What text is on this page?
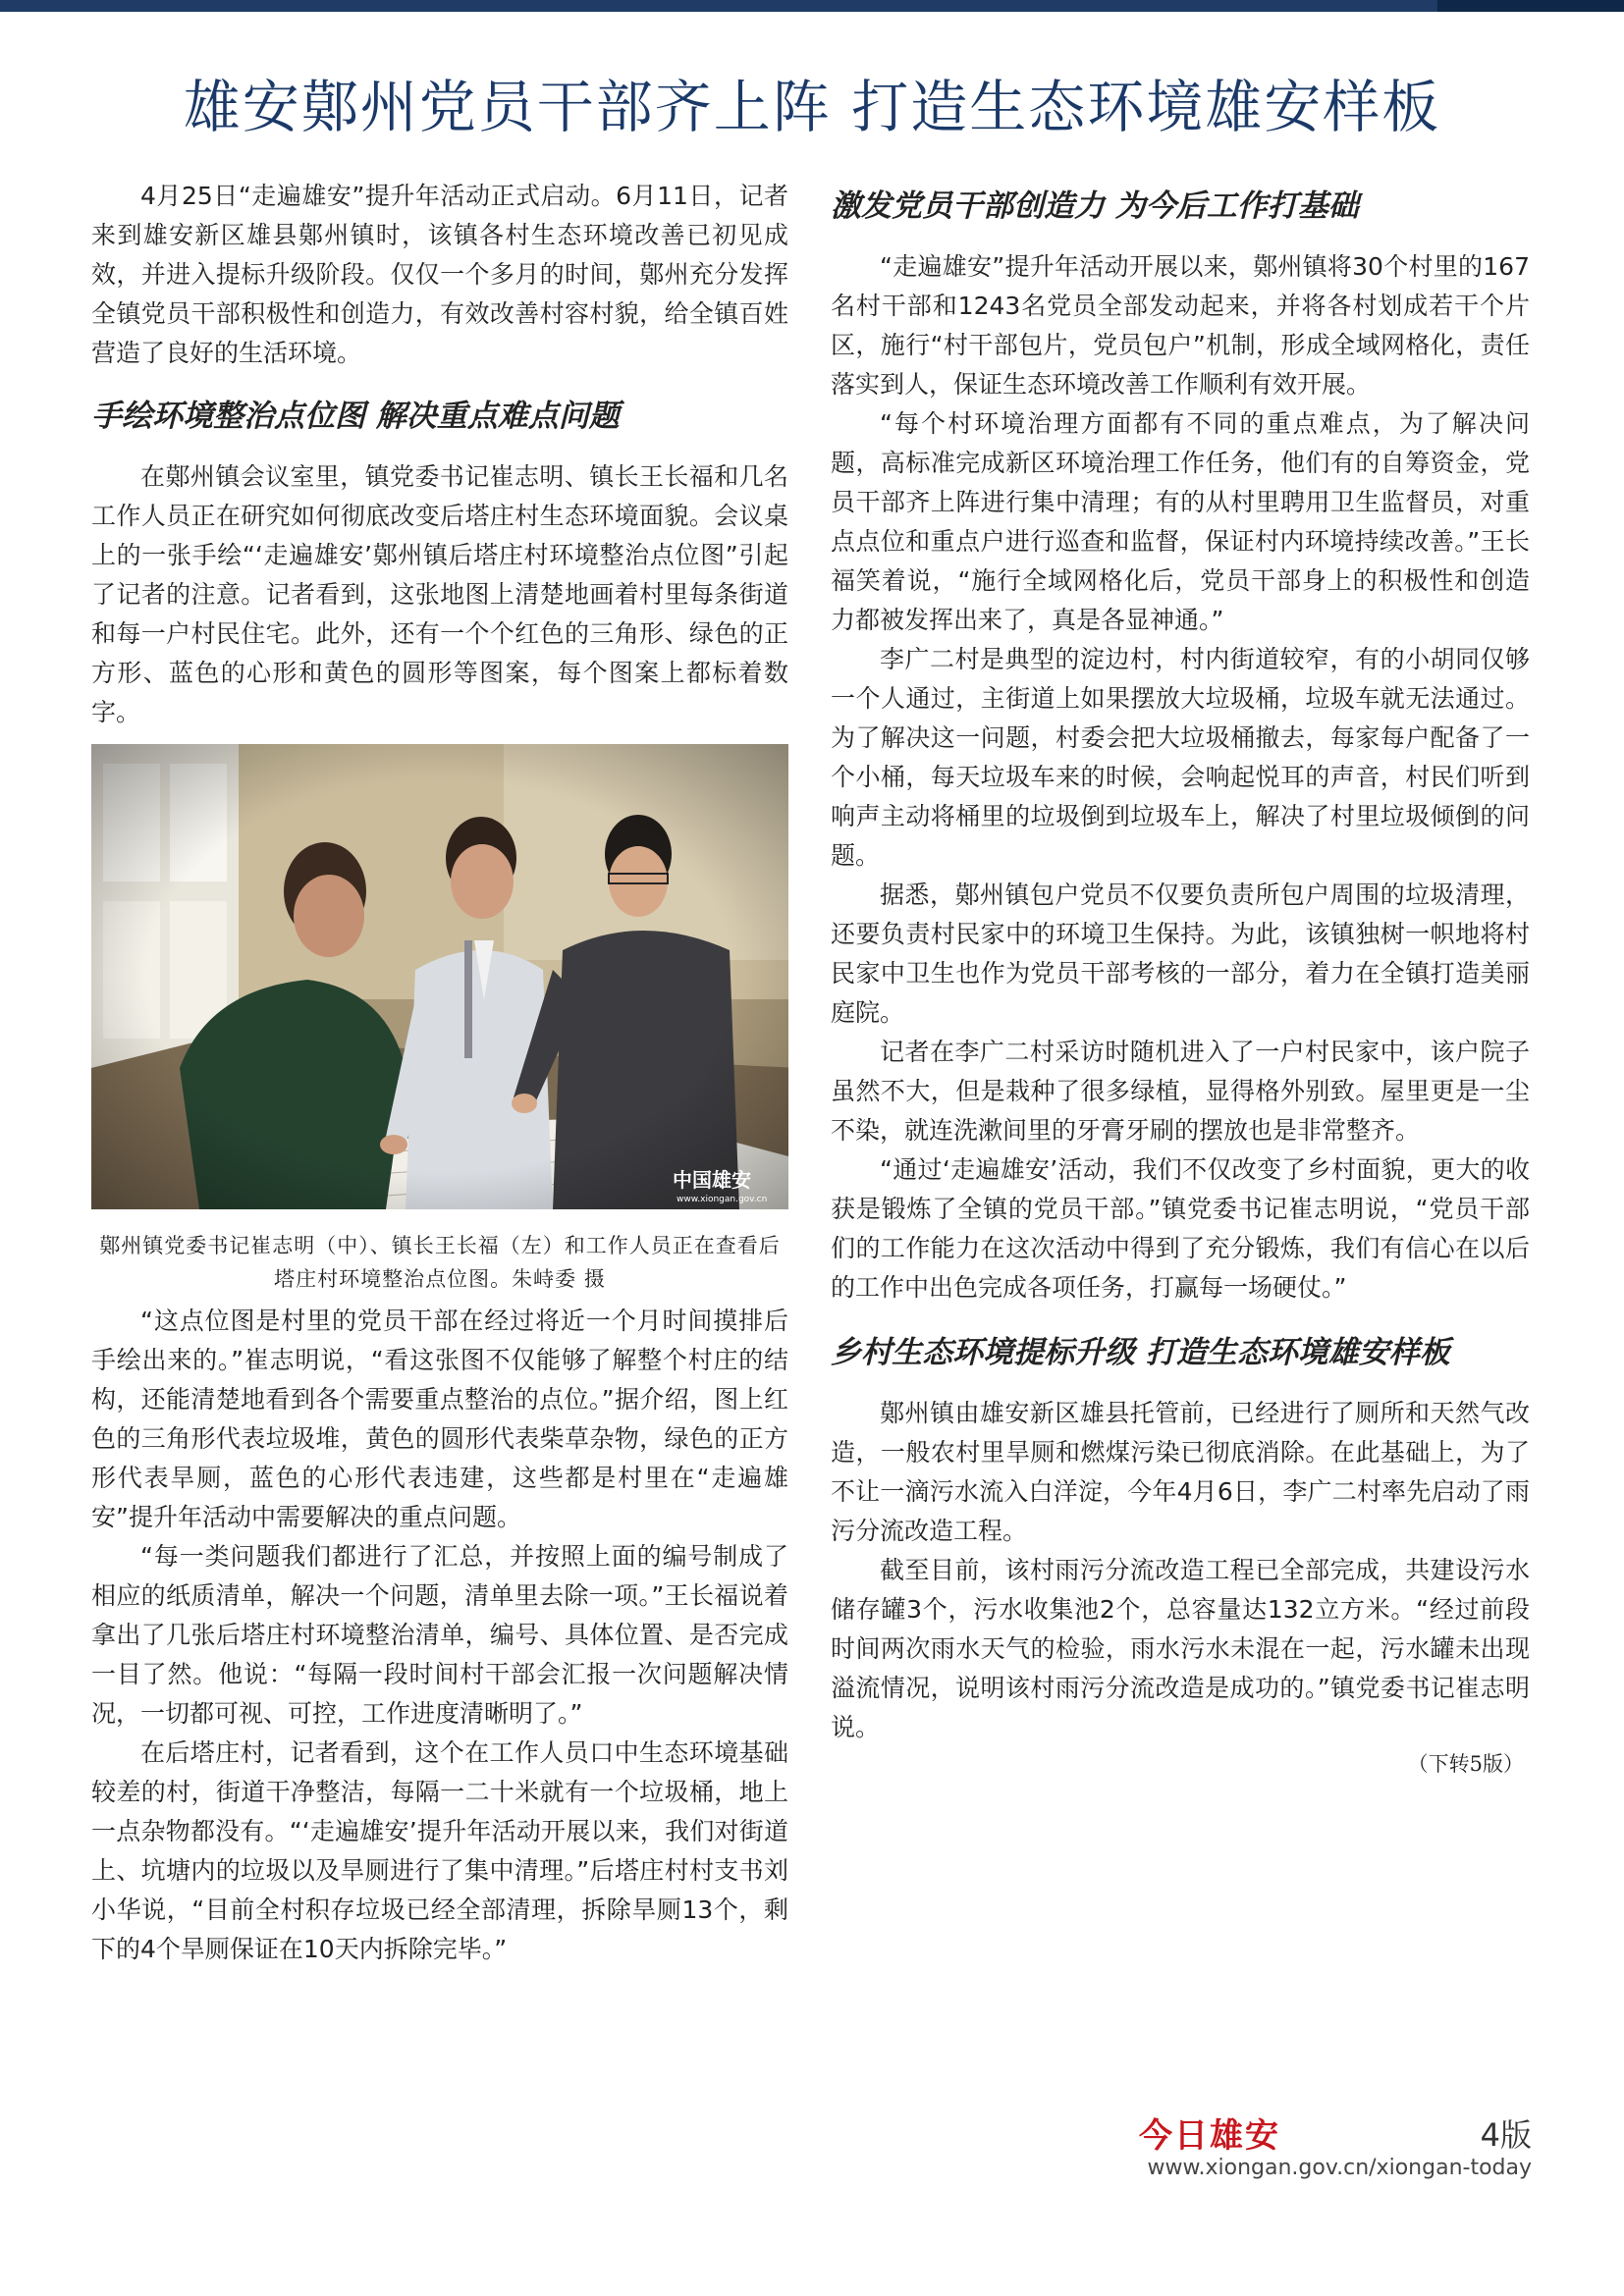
雄安鄚州党员干部齐上阵 打造生态环境雄安样板

4月25日“走遍雄安”提升年活动正式启动。6月11日，记者来到雄安新区雄县鄚州镇时，该镇各村生态环境改善已初见成效，并进入提标升级阶段。仅仅一个多月的时间，鄚州充分发挥全镇党员干部积极性和创造力，有效改善村容村貌，给全镇百姓营造了良好的生活环境。

手绘环境整治点位图 解决重点难点问题

在鄚州镇会议室里，镇党委书记崔志明、镇长王长福和几名工作人员正在研究如何彻底改变后塔庄村生态环境面貌。会议桌上的一张手绘“‘走遍雄安’鄚州镇后塔庄村环境整治点位图”引起了记者的注意。记者看到，这张地图上清楚地画着村里每条街道和每一户村民住宅。此外，还有一个个红色的三角形、绿色的正方形、蓝色的心形和黄色的圆形等图案，每个图案上都标着数字。

中国雄安
www.xiongan.gov.cn

鄚州镇党委书记崔志明（中）、镇长王长福（左）和工作人员正在查看后塔庄村环境整治点位图。朱峙委 摄

“这点位图是村里的党员干部在经过将近一个月时间摸排后手绘出来的。”崔志明说，“看这张图不仅能够了解整个村庄的结构，还能清楚地看到各个需要重点整治的点位。”据介绍，图上红色的三角形代表垃圾堆，黄色的圆形代表柴草杂物，绿色的正方形代表旱厕，蓝色的心形代表违建，这些都是村里在“走遍雄安”提升年活动中需要解决的重点问题。

“每一类问题我们都进行了汇总，并按照上面的编号制成了相应的纸质清单，解决一个问题，清单里去除一项。”王长福说着拿出了几张后塔庄村环境整治清单，编号、具体位置、是否完成一目了然。他说：“每隔一段时间村干部会汇报一次问题解决情况，一切都可视、可控，工作进度清晰明了。”

在后塔庄村，记者看到，这个在工作人员口中生态环境基础较差的村，街道干净整洁，每隔一二十米就有一个垃圾桶，地上一点杂物都没有。“‘走遍雄安’提升年活动开展以来，我们对街道上、坑塘内的垃圾以及旱厕进行了集中清理。”后塔庄村村支书刘小华说，“目前全村积存垃圾已经全部清理，拆除旱厕13个，剩下的4个旱厕保证在10天内拆除完毕。”

激发党员干部创造力 为今后工作打基础

“走遍雄安”提升年活动开展以来，鄚州镇将30个村里的167名村干部和1243名党员全部发动起来，并将各村划成若干个片区，施行“村干部包片，党员包户”机制，形成全域网格化，责任落实到人，保证生态环境改善工作顺利有效开展。

“每个村环境治理方面都有不同的重点难点，为了解决问题，高标准完成新区环境治理工作任务，他们有的自筹资金，党员干部齐上阵进行集中清理；有的从村里聘用卫生监督员，对重点点位和重点户进行巡查和监督，保证村内环境持续改善。”王长福笑着说，“施行全域网格化后，党员干部身上的积极性和创造力都被发挥出来了，真是各显神通。”

李广二村是典型的淀边村，村内街道较窄，有的小胡同仅够一个人通过，主街道上如果摆放大垃圾桶，垃圾车就无法通过。为了解决这一问题，村委会把大垃圾桶撤去，每家每户配备了一个小桶，每天垃圾车来的时候，会响起悦耳的声音，村民们听到响声主动将桶里的垃圾倒到垃圾车上，解决了村里垃圾倾倒的问题。

据悉，鄚州镇包户党员不仅要负责所包户周围的垃圾清理，还要负责村民家中的环境卫生保持。为此，该镇独树一帜地将村民家中卫生也作为党员干部考核的一部分，着力在全镇打造美丽庭院。

记者在李广二村采访时随机进入了一户村民家中，该户院子虽然不大，但是栽种了很多绿植，显得格外别致。屋里更是一尘不染，就连洗漱间里的牙膏牙刷的摆放也是非常整齐。

“通过‘走遍雄安’活动，我们不仅改变了乡村面貌，更大的收获是锻炼了全镇的党员干部。”镇党委书记崔志明说，“党员干部们的工作能力在这次活动中得到了充分锻炼，我们有信心在以后的工作中出色完成各项任务，打赢每一场硬仗。”

乡村生态环境提标升级 打造生态环境雄安样板

鄚州镇由雄安新区雄县托管前，已经进行了厕所和天然气改造，一般农村里旱厕和燃煤污染已彻底消除。在此基础上，为了不让一滴污水流入白洋淀，今年4月6日，李广二村率先启动了雨污分流改造工程。

截至目前，该村雨污分流改造工程已全部完成，共建设污水储存罐3个，污水收集池2个，总容量达132立方米。“经过前段时间两次雨水天气的检验，雨水污水未混在一起，污水罐未出现溢流情况，说明该村雨污分流改造是成功的。”镇党委书记崔志明说。

（下转5版）

今日雄安	4版
www.xiongan.gov.cn/xiongan-today
